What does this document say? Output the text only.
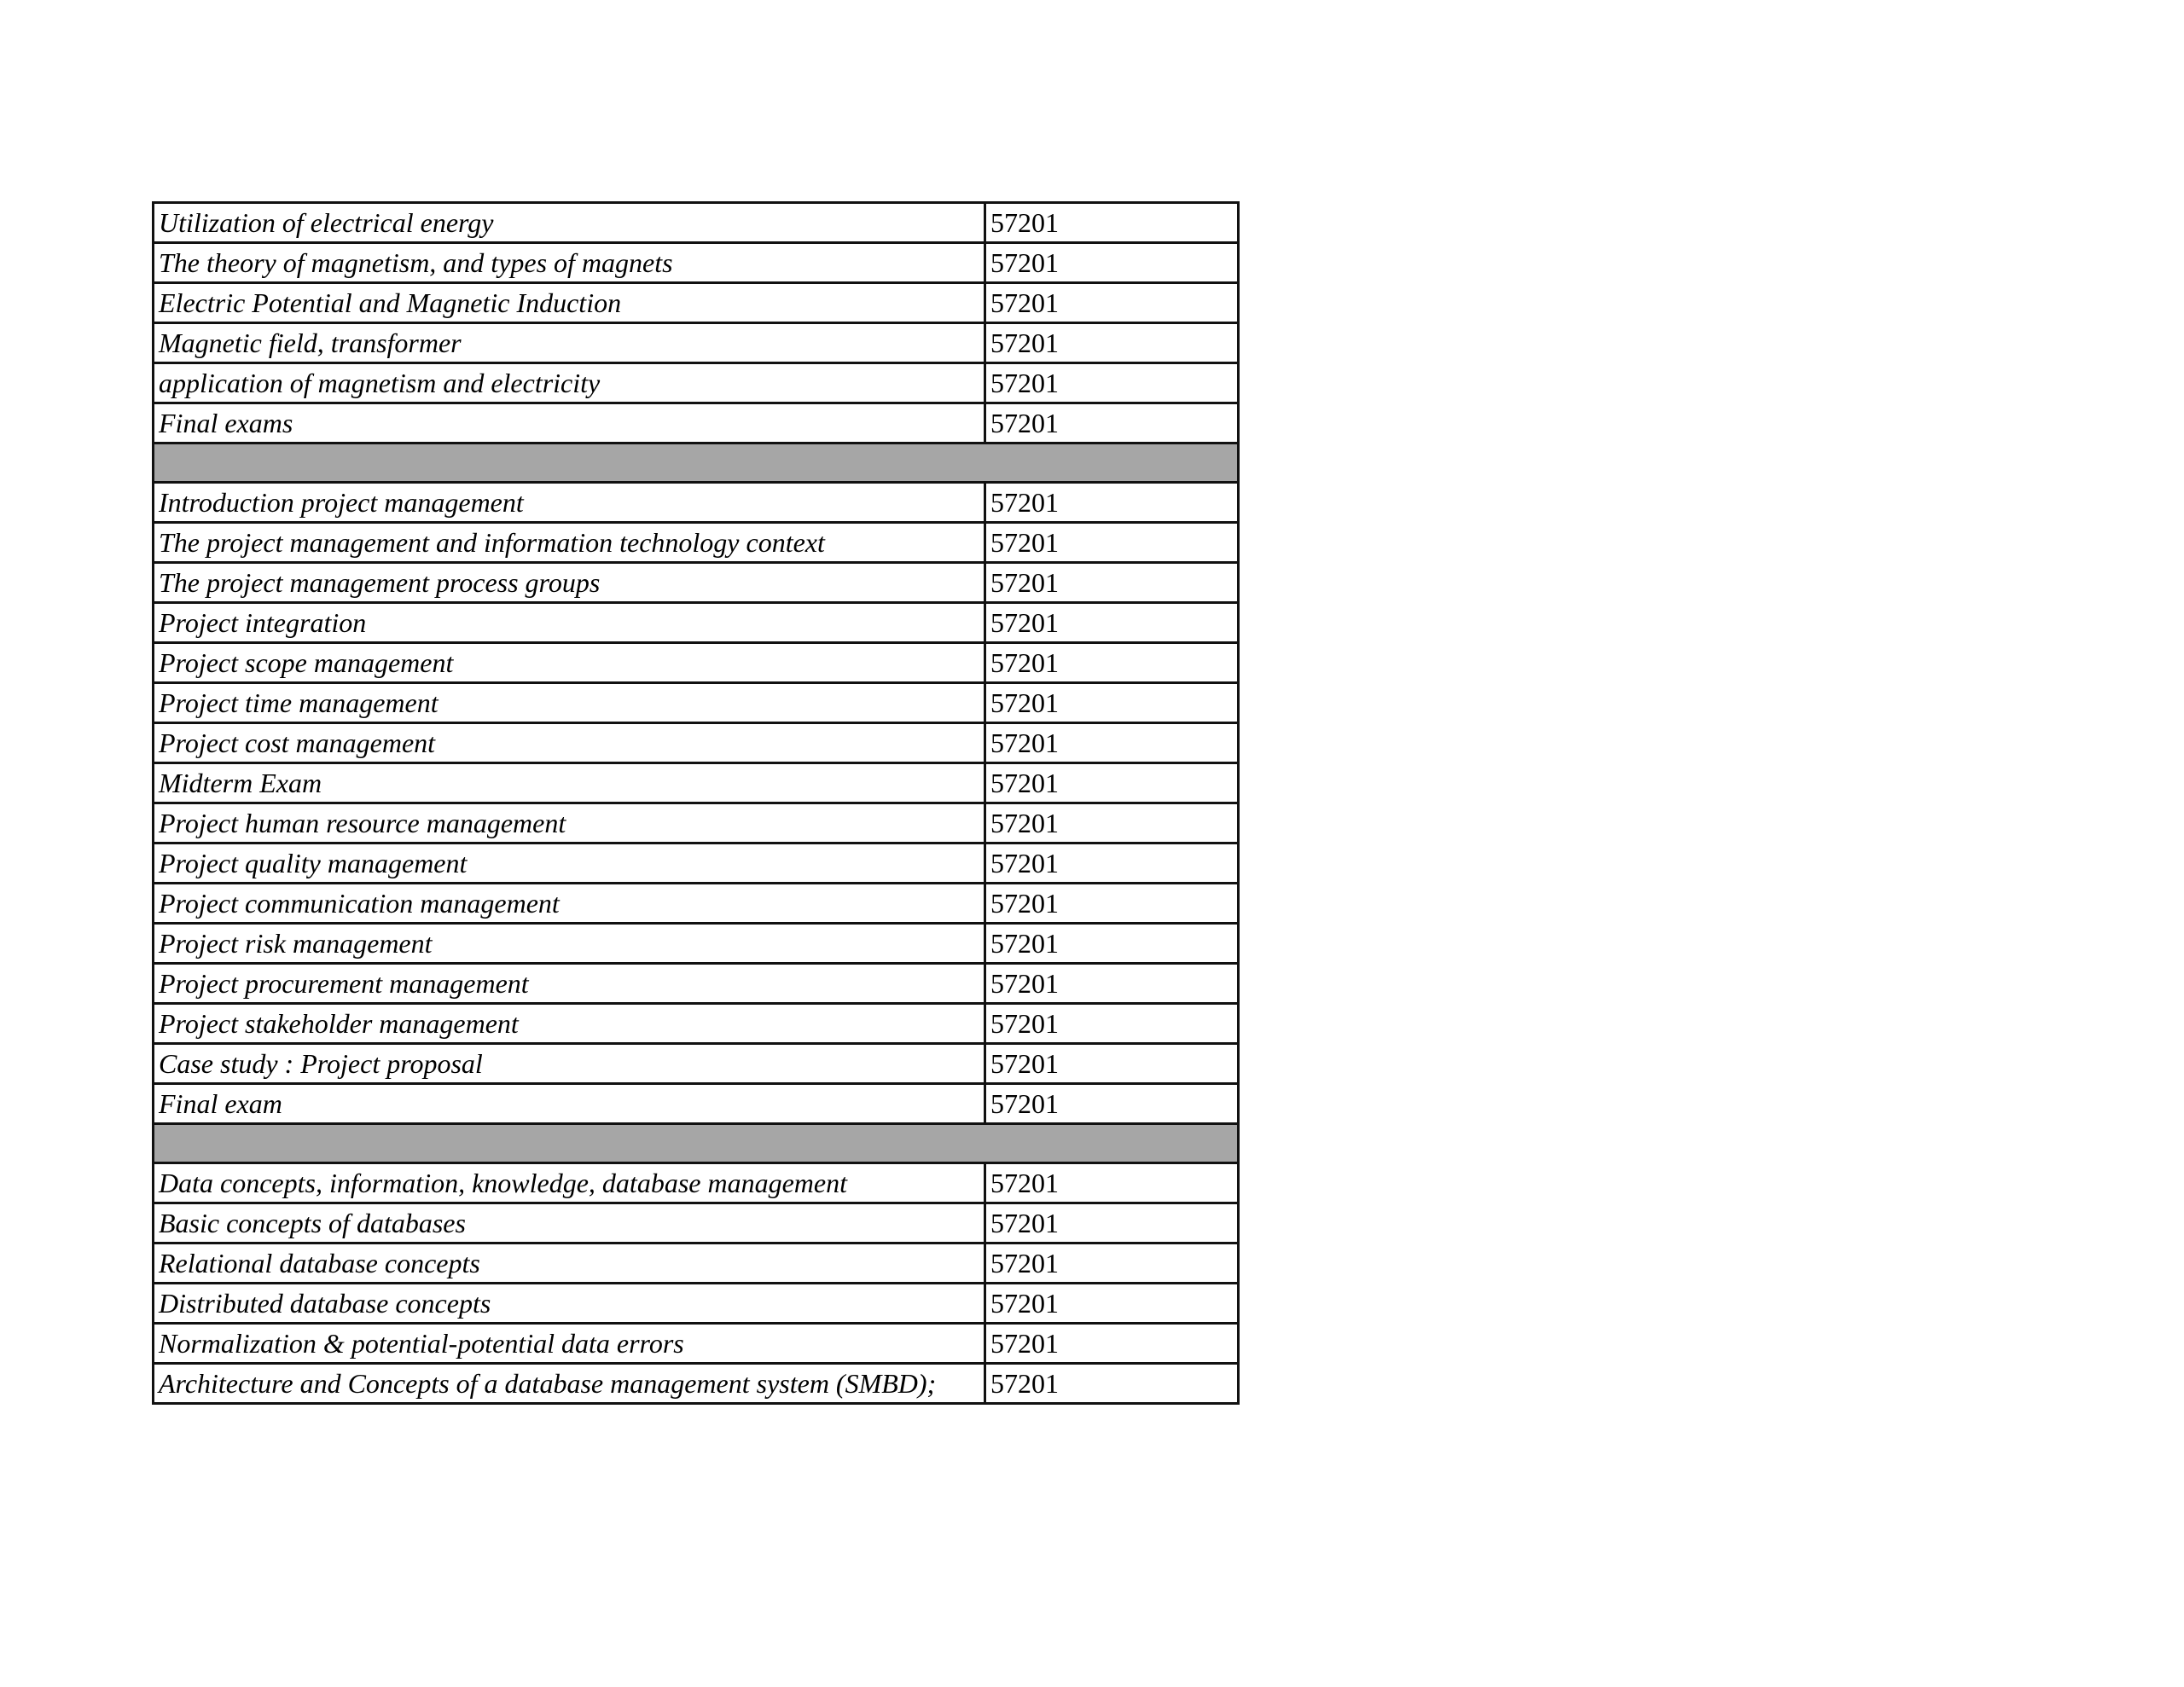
Utilization of electrical energy	57201
The theory of magnetism, and types of magnets	57201
Electric Potential and Magnetic Induction	57201
Magnetic field, transformer	57201
application of magnetism and electricity	57201
Final exams	57201

Introduction project management	57201
The project management and information technology context	57201
The project management process groups	57201
Project integration	57201
Project scope management	57201
Project time management	57201
Project cost management	57201
Midterm Exam	57201
Project human resource management	57201
Project quality management	57201
Project communication management	57201
Project risk management	57201
Project procurement management	57201
Project stakeholder management	57201
Case study : Project proposal	57201
Final exam	57201

Data concepts, information, knowledge, database management	57201
Basic concepts of databases	57201
Relational database concepts	57201
Distributed database concepts	57201
Normalization & potential-potential data errors	57201
Architecture and Concepts of a database management system (SMBD);	57201
